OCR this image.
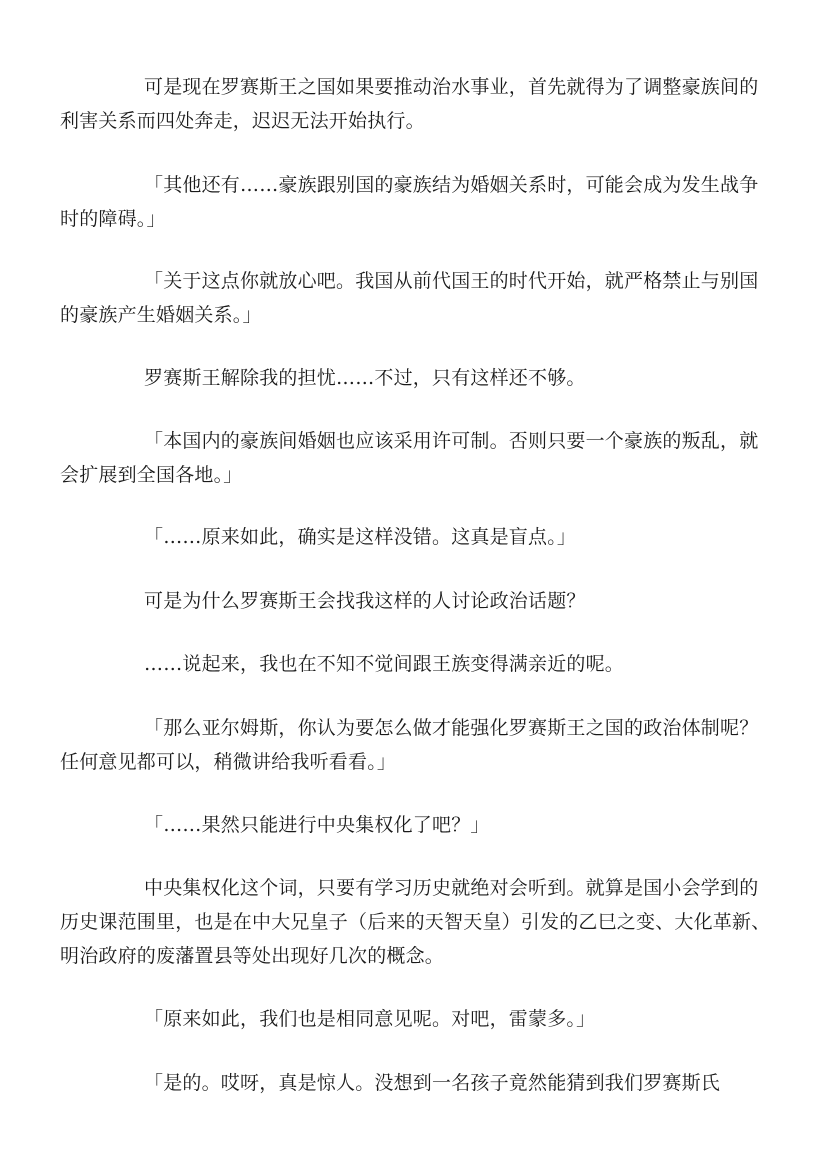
可是现在罗赛斯王之国如果要推动治水事业，首先就得为了调整豪族间的利害关系而四处奔走，迟迟无法开始执行。

「其他还有……豪族跟别国的豪族结为婚姻关系时，可能会成为发生战争时的障碍。」

「关于这点你就放心吧。我国从前代国王的时代开始，就严格禁止与别国的豪族产生婚姻关系。」

罗赛斯王解除我的担忧……不过，只有这样还不够。

「本国内的豪族间婚姻也应该采用许可制。否则只要一个豪族的叛乱，就会扩展到全国各地。」

「……原来如此，确实是这样没错。这真是盲点。」

可是为什么罗赛斯王会找我这样的人讨论政治话题？

……说起来，我也在不知不觉间跟王族变得满亲近的呢。

「那么亚尔姆斯，你认为要怎么做才能强化罗赛斯王之国的政治体制呢？任何意见都可以，稍微讲给我听看看。」

「……果然只能进行中央集权化了吧？」

中央集权化这个词，只要有学习历史就绝对会听到。就算是国小会学到的历史课范围里，也是在中大兄皇子（后来的天智天皇）引发的乙巳之变、大化革新、明治政府的废藩置县等处出现好几次的概念。

「原来如此，我们也是相同意见呢。对吧，雷蒙多。」

「是的。哎呀，真是惊人。没想到一名孩子竟然能猜到我们罗赛斯氏
